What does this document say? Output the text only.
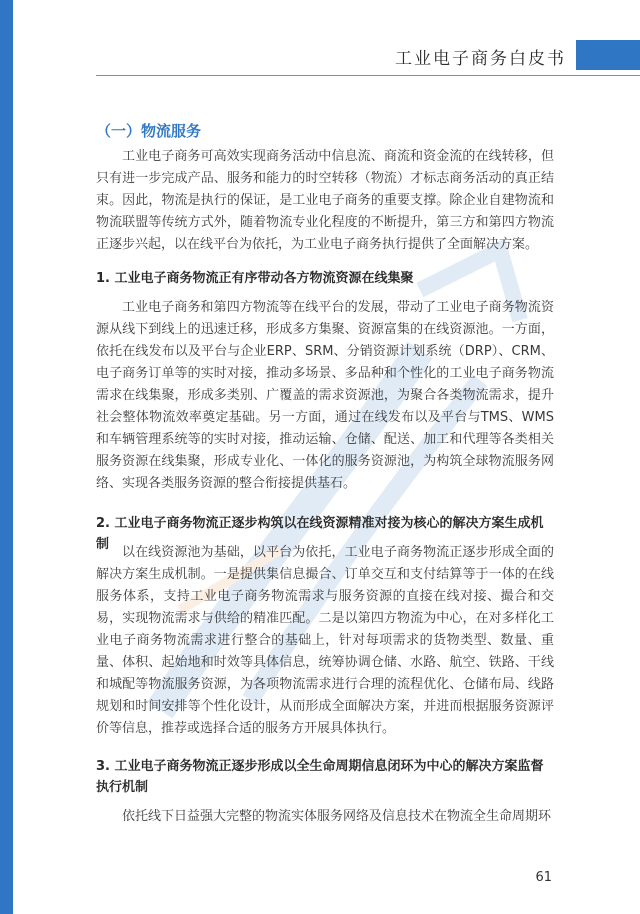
工业电子商务白皮书
（一）物流服务

工业电子商务可高效实现商务活动中信息流、商流和资金流的在线转移，但只有进一步完成产品、服务和能力的时空转移（物流）才标志商务活动的真正结束。因此，物流是执行的保证，是工业电子商务的重要支撑。除企业自建物流和物流联盟等传统方式外，随着物流专业化程度的不断提升，第三方和第四方物流正逐步兴起，以在线平台为依托，为工业电子商务执行提供了全面解决方案。

1. 工业电子商务物流正有序带动各方物流资源在线集聚

工业电子商务和第四方物流等在线平台的发展，带动了工业电子商务物流资源从线下到线上的迅速迁移，形成多方集聚、资源富集的在线资源池。一方面，依托在线发布以及平台与企业ERP、SRM、分销资源计划系统（DRP）、CRM、电子商务订单等的实时对接，推动多场景、多品种和个性化的工业电子商务物流需求在线集聚，形成多类别、广覆盖的需求资源池，为聚合各类物流需求，提升社会整体物流效率奠定基础。另一方面，通过在线发布以及平台与TMS、WMS和车辆管理系统等的实时对接，推动运输、仓储、配送、加工和代理等各类相关服务资源在线集聚，形成专业化、一体化的服务资源池，为构筑全球物流服务网络、实现各类服务资源的整合衔接提供基石。

2. 工业电子商务物流正逐步构筑以在线资源精准对接为核心的解决方案生成机制

以在线资源池为基础，以平台为依托，工业电子商务物流正逐步形成全面的解决方案生成机制。一是提供集信息撮合、订单交互和支付结算等于一体的在线服务体系，支持工业电子商务物流需求与服务资源的直接在线对接、撮合和交易，实现物流需求与供给的精准匹配。二是以第四方物流为中心，在对多样化工业电子商务物流需求进行整合的基础上，针对每项需求的货物类型、数量、重量、体积、起始地和时效等具体信息，统筹协调仓储、水路、航空、铁路、干线和城配等物流服务资源，为各项物流需求进行合理的流程优化、仓储布局、线路规划和时间安排等个性化设计，从而形成全面解决方案，并进而根据服务资源评价等信息，推荐或选择合适的服务方开展具体执行。

3. 工业电子商务物流正逐步形成以全生命周期信息闭环为中心的解决方案监督执行机制

依托线下日益强大完整的物流实体服务网络及信息技术在物流全生命周期环

61
